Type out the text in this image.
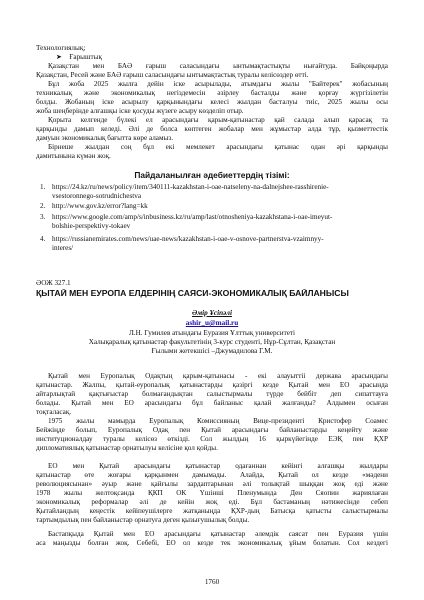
Технологиялық;
➤    Ғарыштық
Қазақстан мен БАӘ ғарыш саласындағы ынтымақтастықты нығайтуда. Байқоңырда
Қазақстан, Ресей және БАӘ ғарыш саласындағы ынтымақтастық туралы келісөздер өтті.
Бұл жоба 2025 жылға дейін іске асырылады, атымдағы жылы "Байтерек" жобасының
техникалық және экономикалық негіздемесін әзірлеу басталды және қорғау жүргізілетін
болды. Жобаның іске асырылу қарқынындағы келесі жылдан басталуы тиіс, 2025 жылы осы
жоба шеңберінде алғашқы іске қосуды жүзеге асыру көзделіп отыр.
Қорыта келгенде бүлекі ел арасындағы қарым-қатынастар қай салада алып қарасақ та
қарқынды дамып келеді. Әлі де болса көптеген жобалар мен жұмыстар алда тұр, қызметтестік
дамуын экономикалық бағытта көре аламыз.
Бірнеше жылдан соң бұл екі мемлекет арасындағы қатынас одан әрі қарқынды
дамитынына күмән жоқ.
Пайдаланылған әдебиеттердің тізімі:
1. https://24.kz/ru/news/policy/item/340111-kazakhstan-i-oae-natseleny-na-dalnejshee-rasshirenie-
vsestoronnego-sotrudnichestva
2. http://www.gov.kz/error?lang=kk
3. https://www.google.com/amp/s/inbusiness.kz/ru/amp/last/otnosheniya-kazakhstana-i-oae-imeyut-
bolshie-perspektivy-tokaev
4. https://russianemirates.com/news/uae-news/kazakhstan-i-oae-v-osnove-partnerstva-vzaimnyy-
interes/
ӘОЖ 327.1
ҚЫТАЙ МЕН ЕУРОПА ЕЛДЕРІНІҢ САЯСИ-ЭКОНОМИКАЛЫҚ БАЙЛАНЫСЫ
Әмір Ұсіпәлі
ashir_u@mail.ru
Л.Н. Гумилев атындағы Еуразия Ұлттық университеті
Халықаралық қатынастар факультетінің 3-курс студенті, Нұр-Сұлтан, Қазақстан
Ғылыми жетекшісі –Джумадилова Г.М.
Қытай мен Еуропалық Одақтың қарым-қатынасы - екі алауыттіі держава арасындағы
қатынастар. Жалпы, қытай-еуропалық қатынастарды қазіргі кезде Қытай мен ЕО арасында
айтарлықтай қақтығыстар болмағандықтан салыстырмалы түрде бейбіт деп сипаттауға
болады. Қытай мен ЕО арасындағы бұл байланыс қалай жалғанды? Алдымен осыған
тоқталасақ.
1975 жылы мамырда Еуропалық Комиссияның Вице-президенті Кристофер Соамес
Бейжіңде болып, Еуропалық Одақ пен Қытай арасындағы байланыстарды кеңейту және
институционалдау туралы келісөз өткізді. Сол жылдың 16 қыркүйегінде ЕЭҚ пен ҚХР
дипломатиялық қатынастар орнатылуы келісіне қол қойды.
ЕО мен Қытай арасындағы қатынастар одағаннан кейінгі алғашқы жылдары
қатынастар өте жоғары қарқынмен дамымады. Алайда, Қытай ол кезде «мәдени
революциясынан» әуыр және қайғылы зардаптарынан әлі толықтай шыққан жоқ еді және
1978 жылы желтоқсанда ҚКП ОК Үшінші Пленумында Ден Сяопин жариялаған
экономикалық реформалар әлі де кейін жоқ еді. Бұл бастаманың нәтижесінде себеп
Қытайландың кеңестік кейіпеушілерге жатқаныңда ҚХР-дың Батысқа қатысты салыстырмалы
тартымдылық пен байланыстар орнатуға деген қызығушылық болды.
Бастапқыда Қытай мен ЕО арасындағы қатынастар әлемдік саясат пен Еуразия үшін
аса маңызды болған жоқ. Себебі, ЕО ол кезде тек экономикалық ұйым болатын. Сол кездегі
1760
